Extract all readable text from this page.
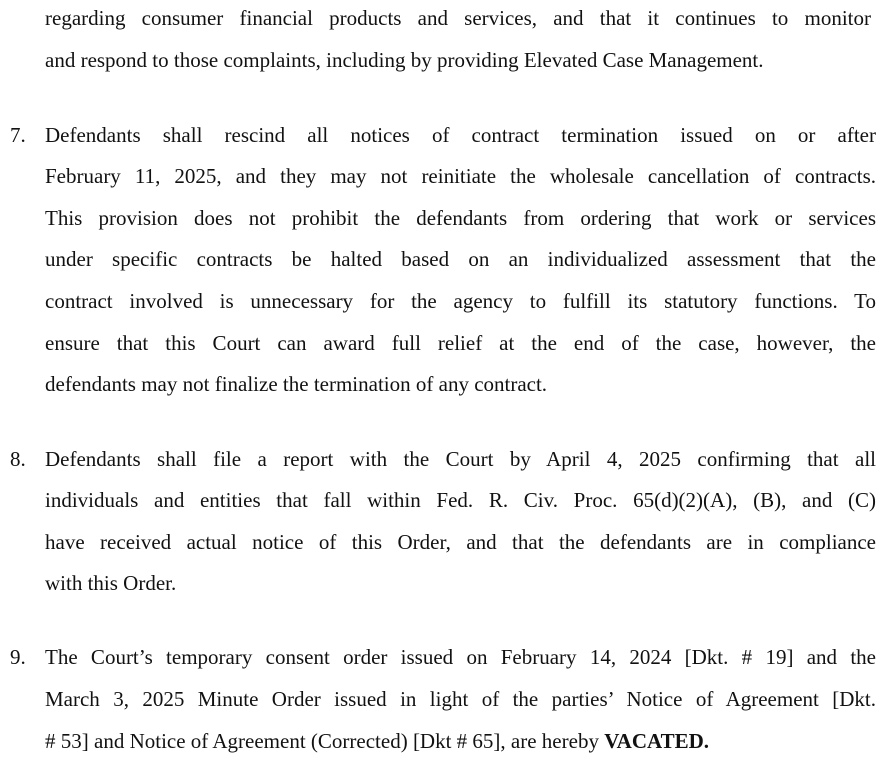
regarding consumer financial products and services, and that it continues to monitor
and respond to those complaints, including by providing Elevated Case Management.
7. Defendants shall rescind all notices of contract termination issued on or after
February 11, 2025, and they may not reinitiate the wholesale cancellation of contracts.
This provision does not prohibit the defendants from ordering that work or services
under specific contracts be halted based on an individualized assessment that the
contract involved is unnecessary for the agency to fulfill its statutory functions. To
ensure that this Court can award full relief at the end of the case, however, the
defendants may not finalize the termination of any contract.
8. Defendants shall file a report with the Court by April 4, 2025 confirming that all
individuals and entities that fall within Fed. R. Civ. Proc. 65(d)(2)(A), (B), and (C)
have received actual notice of this Order, and that the defendants are in compliance
with this Order.
9. The Court’s temporary consent order issued on February 14, 2024 [Dkt. # 19] and the
March 3, 2025 Minute Order issued in light of the parties’ Notice of Agreement [Dkt.
# 53] and Notice of Agreement (Corrected) [Dkt # 65], are hereby VACATED.
